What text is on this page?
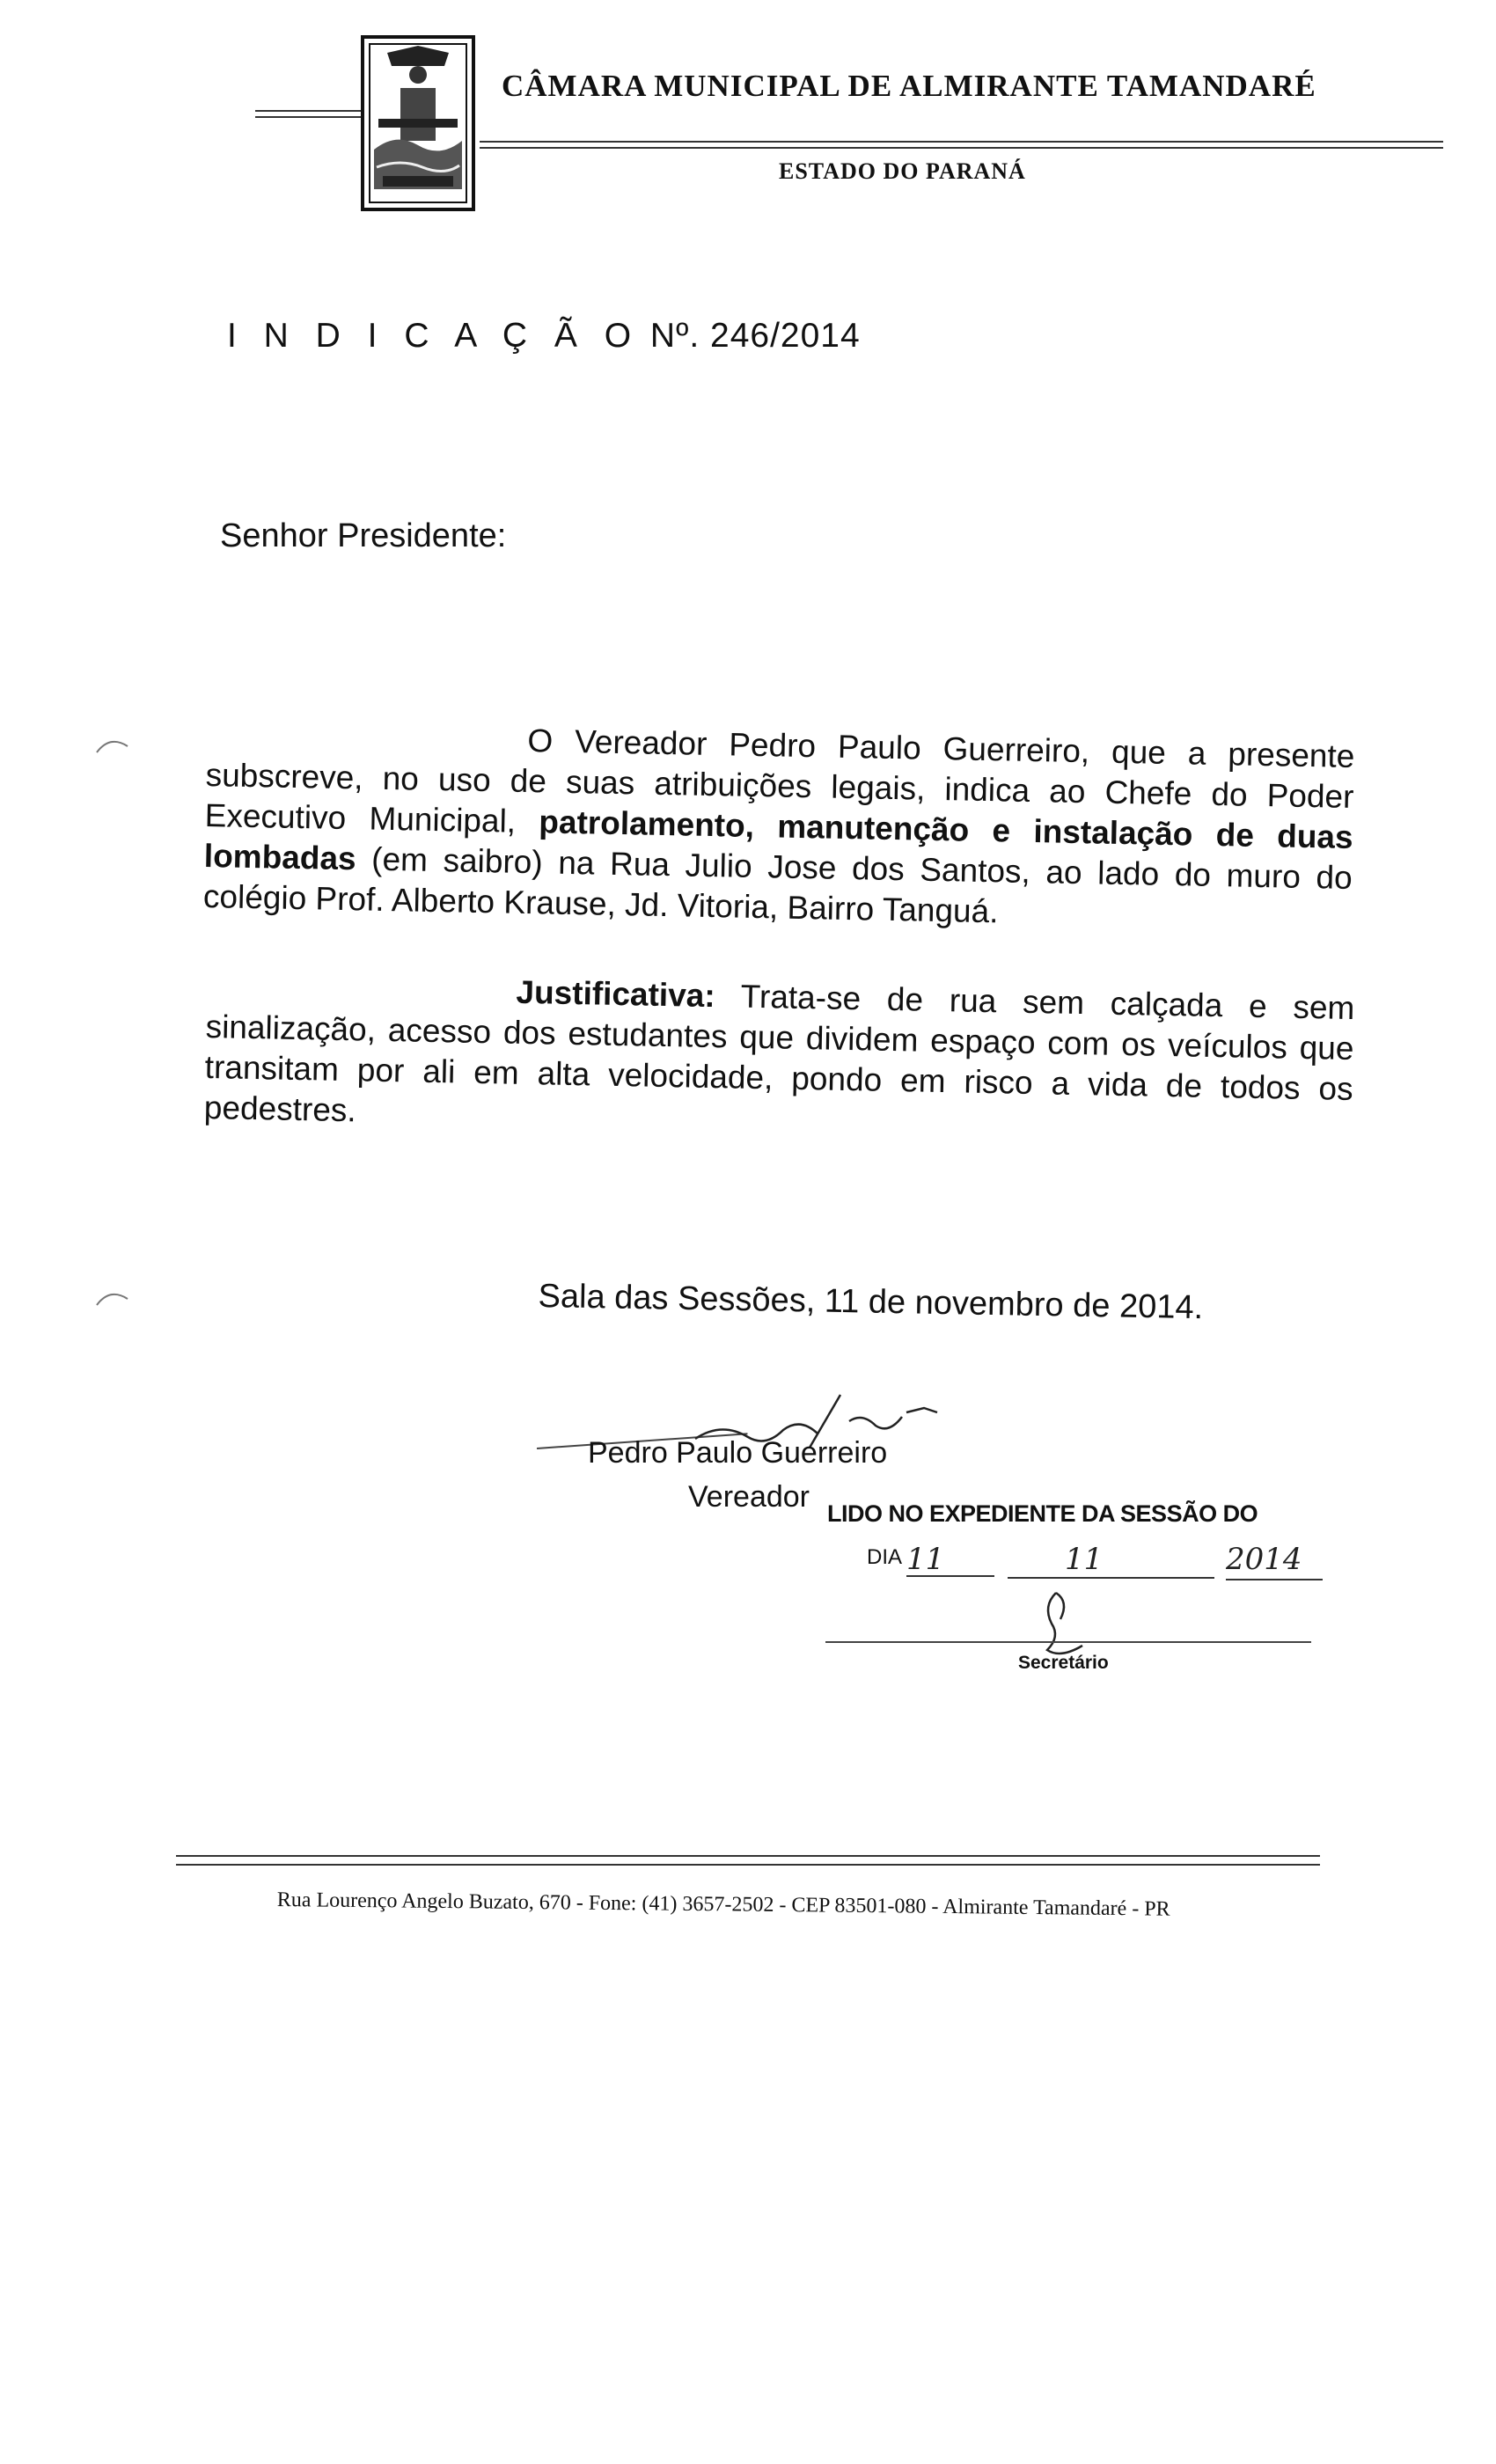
CÂMARA MUNICIPAL DE ALMIRANTE TAMANDARÉ
ESTADO DO PARANÁ
I N D I C A Ç Ã O Nº. 246/2014
Senhor Presidente:
O Vereador Pedro Paulo Guerreiro, que a presente subscreve, no uso de suas atribuições legais, indica ao Chefe do Poder Executivo Municipal, patrolamento, manutenção e instalação de duas lombadas (em saibro) na Rua Julio Jose dos Santos, ao lado do muro do colégio Prof. Alberto Krause, Jd. Vitoria, Bairro Tanguá.
Justificativa: Trata-se de rua sem calçada e sem sinalização, acesso dos estudantes que dividem espaço com os veículos que transitam por ali em alta velocidade, pondo em risco a vida de todos os pedestres.
Sala das Sessões, 11 de novembro de 2014.
Pedro Paulo Guerreiro
Vereador LIDO NO EXPEDIENTE DA SESSÃO DO
DIA 11	11	2014
Secretário
Rua Lourenço Angelo Buzato, 670 - Fone: (41) 3657-2502 - CEP 83501-080 - Almirante Tamandaré - PR
